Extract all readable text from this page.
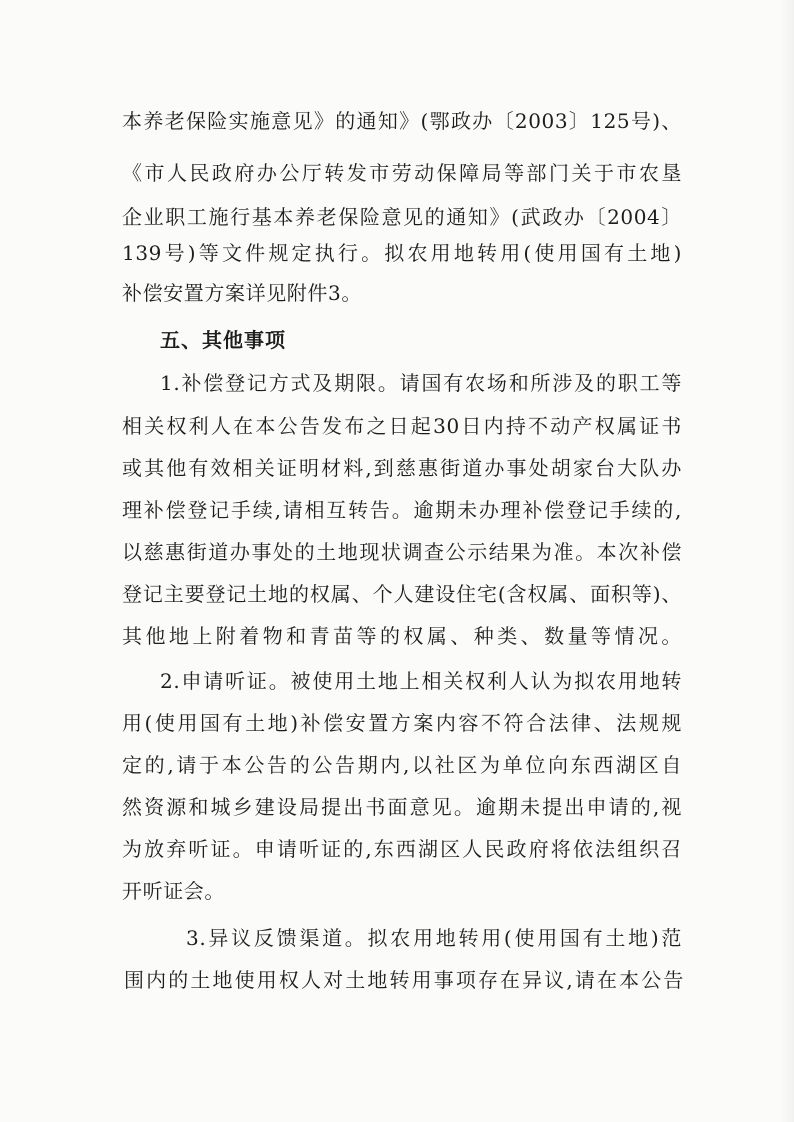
本养老保险实施意见》的通知》(鄂政办〔2003〕125号)、
《市人民政府办公厅转发市劳动保障局等部门关于市农垦
企业职工施行基本养老保险意见的通知》(武政办〔2004〕
139号)等文件规定执行。拟农用地转用(使用国有土地)
补偿安置方案详见附件3。
五、其他事项
1.补偿登记方式及期限。请国有农场和所涉及的职工等
相关权利人在本公告发布之日起30日内持不动产权属证书
或其他有效相关证明材料,到慈惠街道办事处胡家台大队办
理补偿登记手续,请相互转告。逾期未办理补偿登记手续的,
以慈惠街道办事处的土地现状调查公示结果为准。本次补偿
登记主要登记土地的权属、个人建设住宅(含权属、面积等)、
其他地上附着物和青苗等的权属、种类、数量等情况。
2.申请听证。被使用土地上相关权利人认为拟农用地转
用(使用国有土地)补偿安置方案内容不符合法律、法规规
定的,请于本公告的公告期内,以社区为单位向东西湖区自
然资源和城乡建设局提出书面意见。逾期未提出申请的,视
为放弃听证。申请听证的,东西湖区人民政府将依法组织召
开听证会。
3.异议反馈渠道。拟农用地转用(使用国有土地)范
围内的土地使用权人对土地转用事项存在异议,请在本公告
